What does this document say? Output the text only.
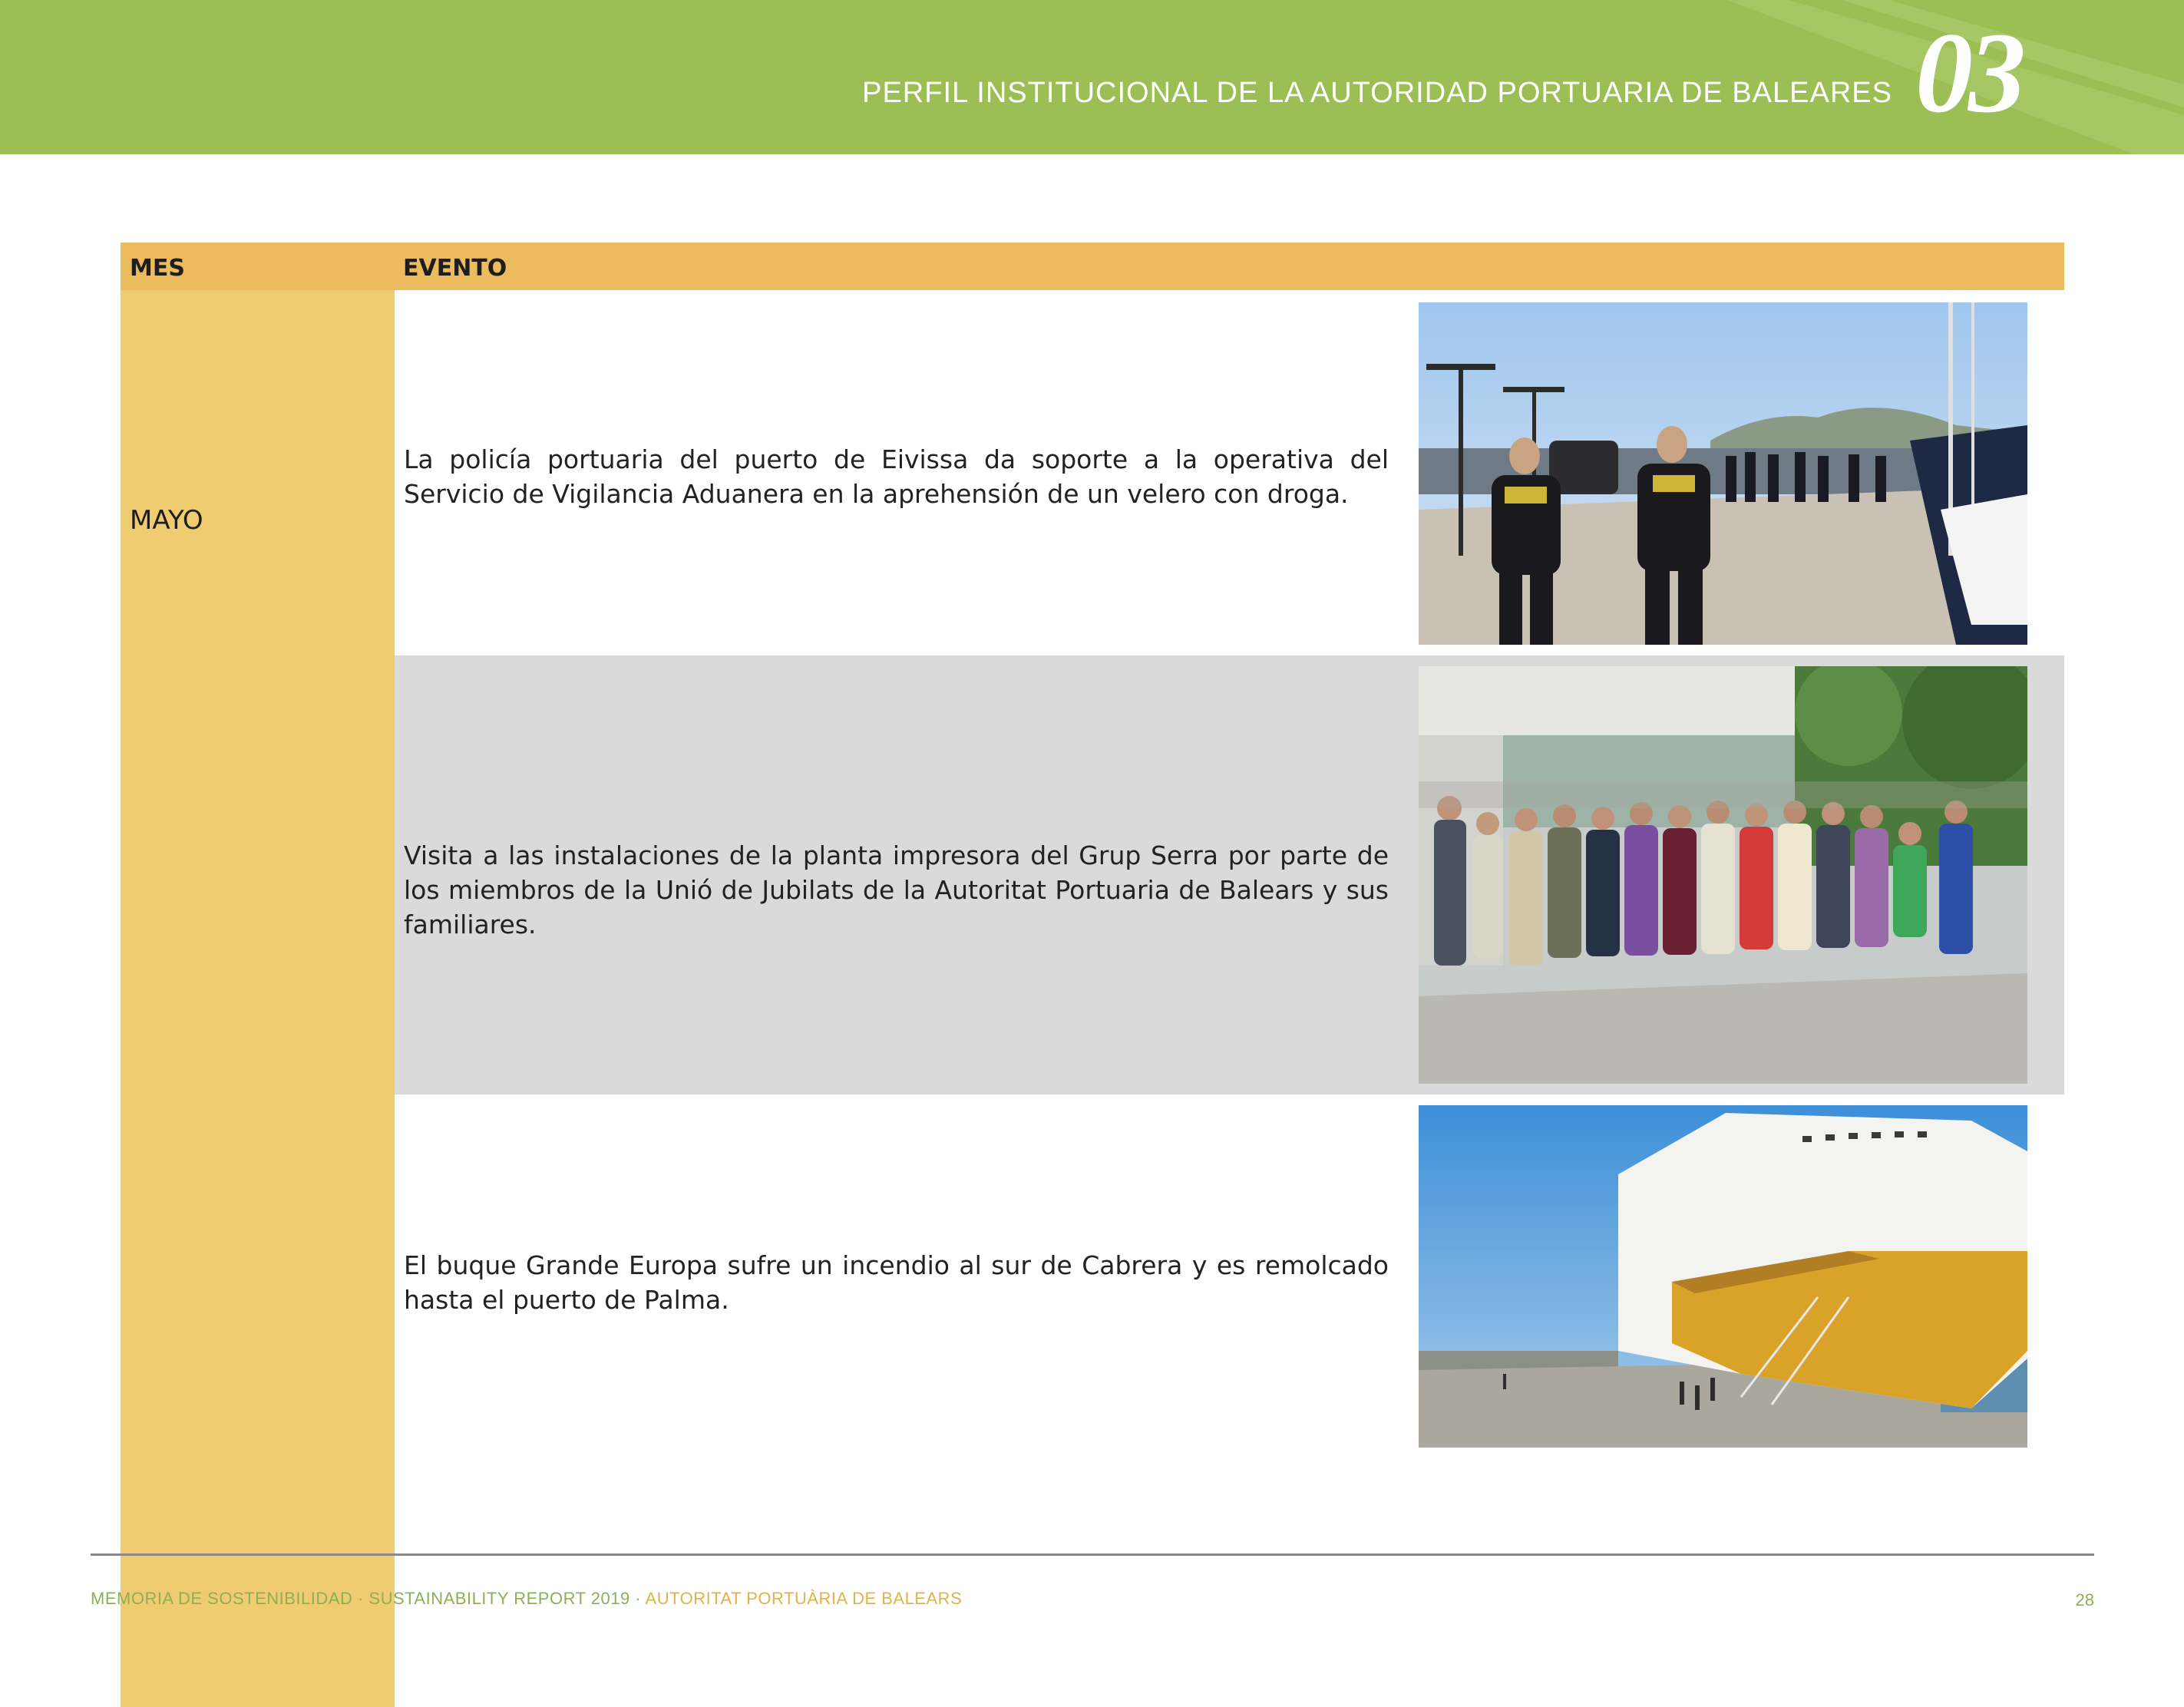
PERFIL INSTITUCIONAL DE LA AUTORIDAD PORTUARIA DE BALEARES 03
MES	EVENTO
MAYO
La policía portuaria del puerto de Eivissa da soporte a la operativa del Servicio de Vigilancia Aduanera en la aprehensión de un velero con droga.
Visita a las instalaciones de la planta impresora del Grup Serra por parte de los miembros de la Unió de Jubilats de la Autoritat Portuaria de Balears y sus familiares.
El buque Grande Europa sufre un incendio al sur de Cabrera y es remolcado hasta el puerto de Palma.
MEMORIA DE SOSTENIBILIDAD · SUSTAINABILITY REPORT 2019 · AUTORITAT PORTUÀRIA DE BALEARS	28
